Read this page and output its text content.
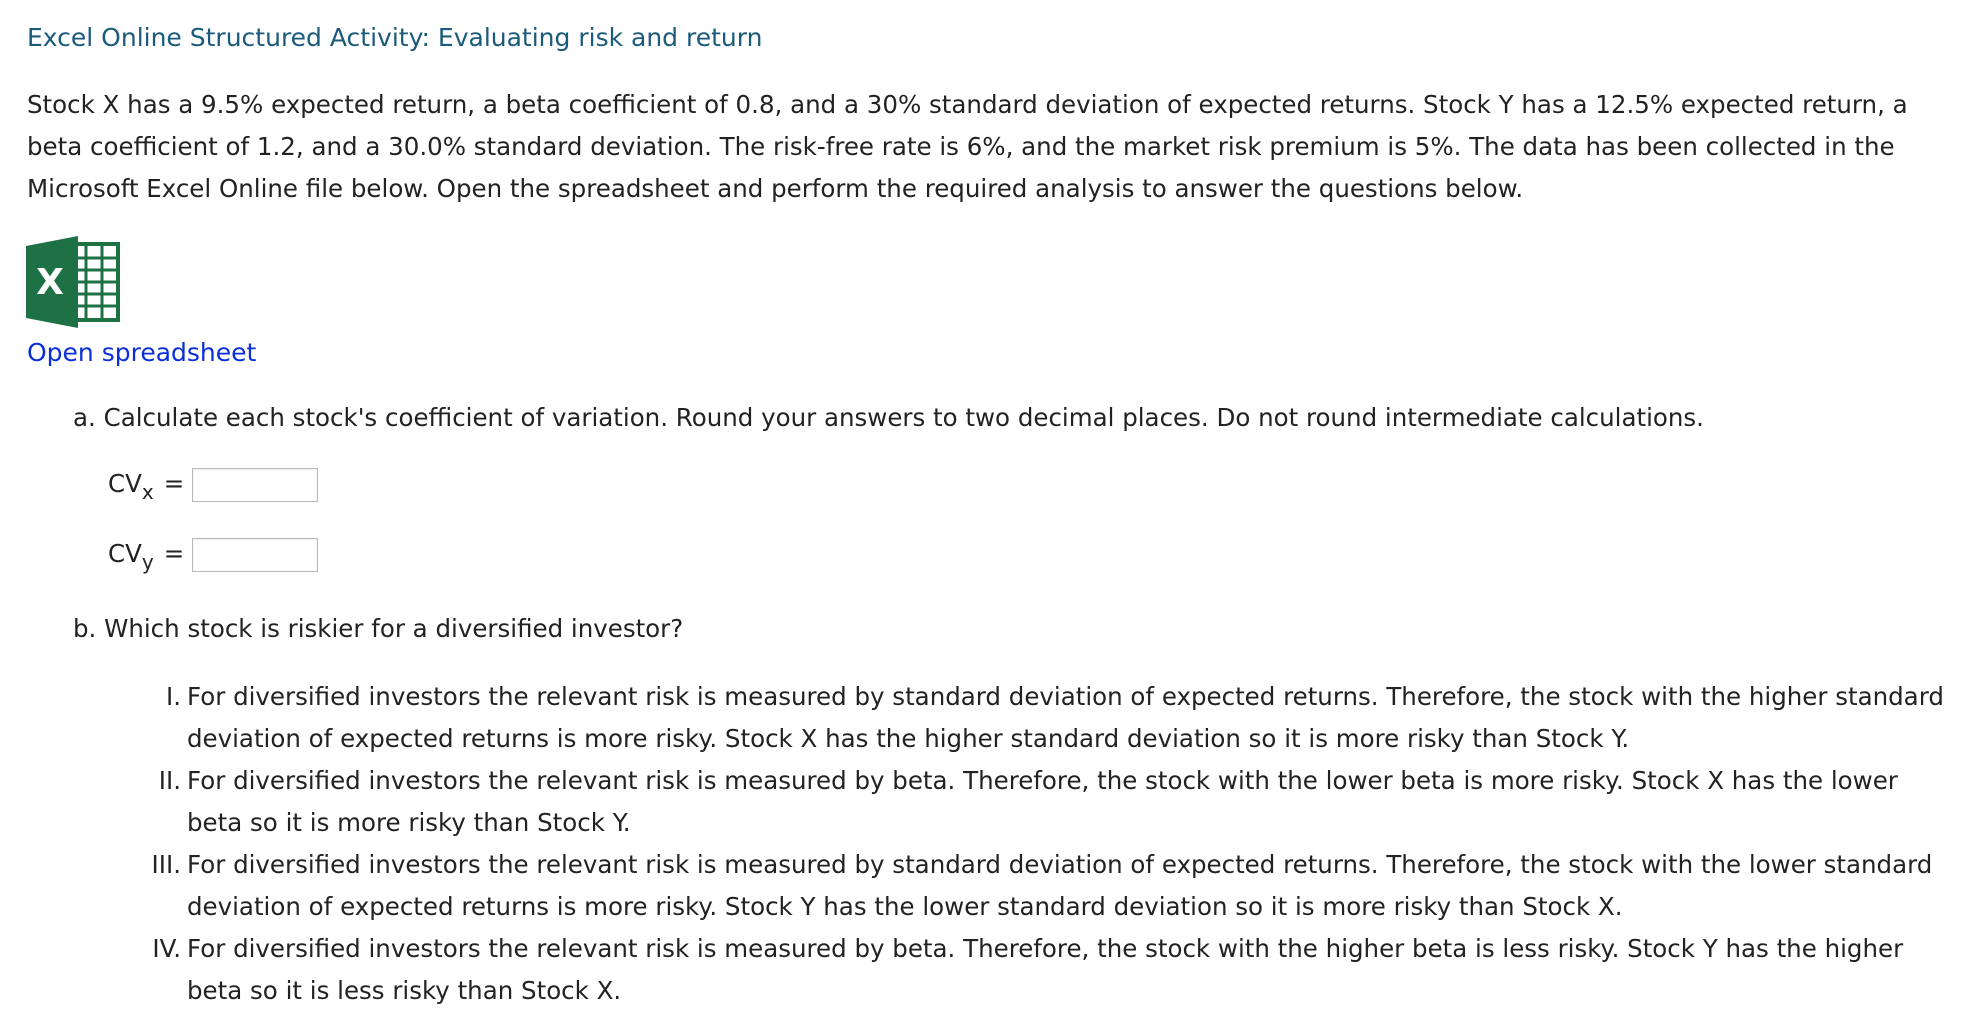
Excel Online Structured Activity: Evaluating risk and return

Stock X has a 9.5% expected return, a beta coefficient of 0.8, and a 30% standard deviation of expected returns. Stock Y has a 12.5% expected return, a beta coefficient of 1.2, and a 30.0% standard deviation. The risk-free rate is 6%, and the market risk premium is 5%. The data has been collected in the Microsoft Excel Online file below. Open the spreadsheet and perform the required analysis to answer the questions below.

X
Open spreadsheet
a. Calculate each stock's coefficient of variation. Round your answers to two decimal places. Do not round intermediate calculations.
$CV_x$ =
$CV_y$ =
b. Which stock is riskier for a diversified investor?
I. For diversified investors the relevant risk is measured by standard deviation of expected returns. Therefore, the stock with the higher standard deviation of expected returns is more risky. Stock X has the higher standard deviation so it is more risky than Stock Y.
II. For diversified investors the relevant risk is measured by beta. Therefore, the stock with the lower beta is more risky. Stock X has the lower beta so it is more risky than Stock Y.
III. For diversified investors the relevant risk is measured by standard deviation of expected returns. Therefore, the stock with the lower standard deviation of expected returns is more risky. Stock Y has the lower standard deviation so it is more risky than Stock X.
IV. For diversified investors the relevant risk is measured by beta. Therefore, the stock with the higher beta is less risky. Stock Y has the higher beta so it is less risky than Stock X.
